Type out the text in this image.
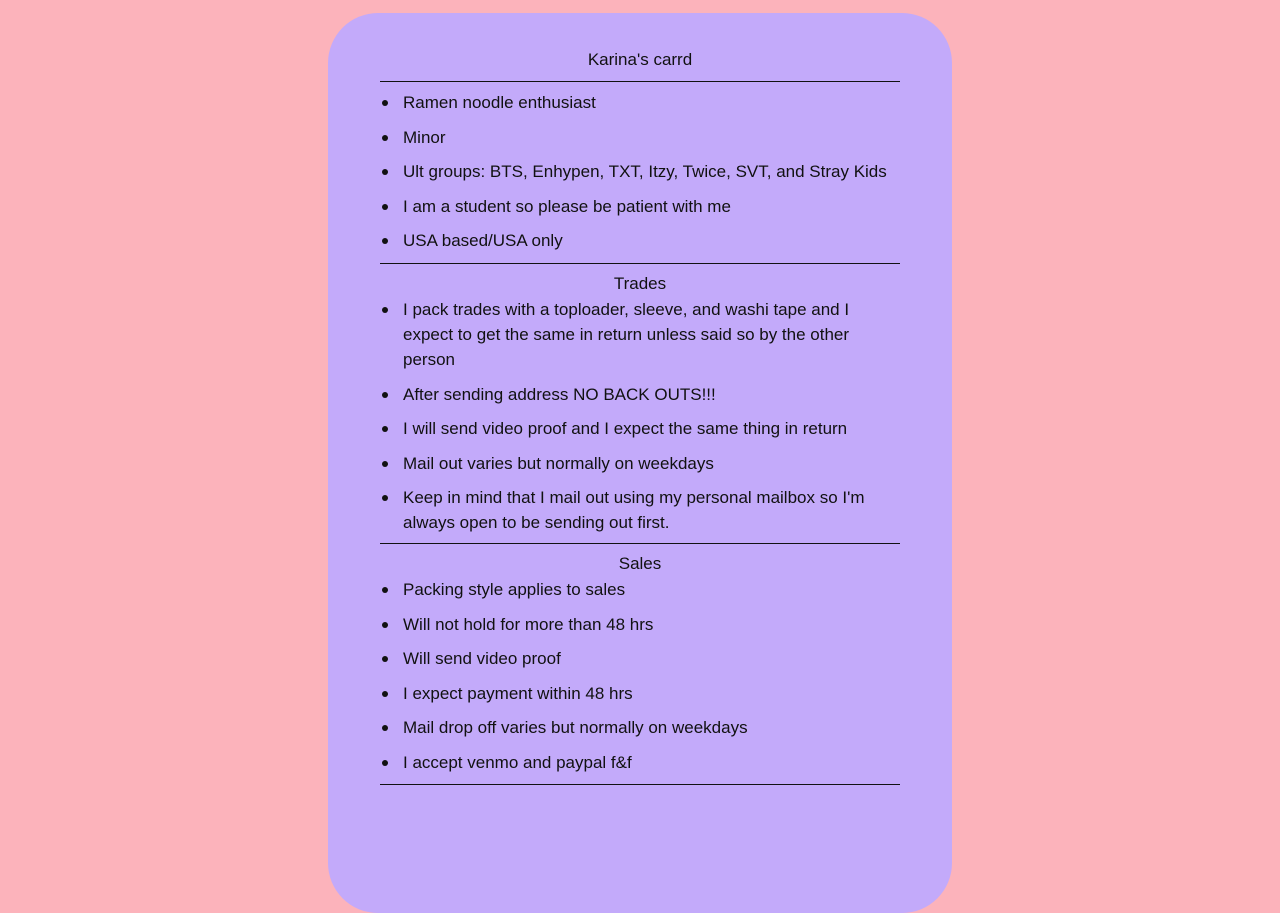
Karina's carrd
Ramen noodle enthusiast
Minor
Ult groups: BTS, Enhypen, TXT, Itzy, Twice, SVT, and Stray Kids
I am a student so please be patient with me
USA based/USA only
Trades
I pack trades with a toploader, sleeve, and washi tape and I expect to get the same in return unless said so by the other person
After sending address NO BACK OUTS!!!
I will send video proof and I expect the same thing in return
Mail out varies but normally on weekdays
Keep in mind that I mail out using my personal mailbox so I'm always open to be sending out first.
Sales
Packing style applies to sales
Will not hold for more than 48 hrs
Will send video proof
I expect payment within 48 hrs
Mail drop off varies but normally on weekdays
I accept venmo and paypal f&f
